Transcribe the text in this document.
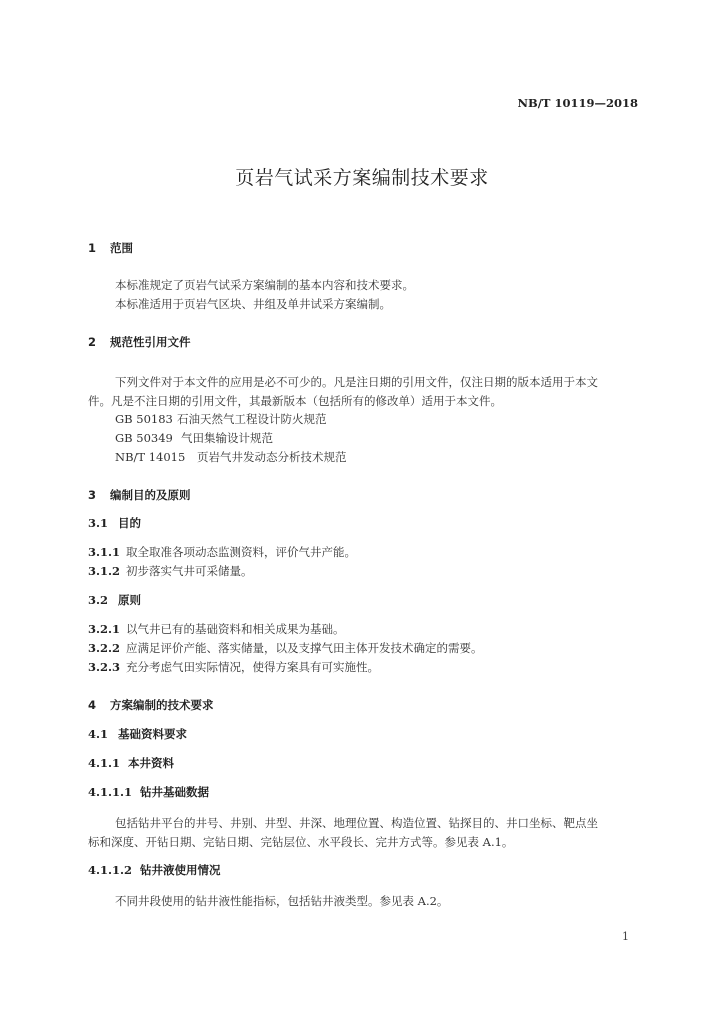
NB/T 10119—2018
页岩气试采方案编制技术要求
1 范围
本标准规定了页岩气试采方案编制的基本内容和技术要求。
本标准适用于页岩气区块、井组及单井试采方案编制。
2 规范性引用文件
下列文件对于本文件的应用是必不可少的。凡是注日期的引用文件，仅注日期的版本适用于本文
件。凡是不注日期的引用文件，其最新版本（包括所有的修改单）适用于本文件。
GB 50183 石油天然气工程设计防火规范
GB 50349 气田集输设计规范
NB/T 14015 页岩气井发动态分析技术规范
3 编制目的及原则
3.1 目的
3.1.1 取全取准各项动态监测资料，评价气井产能。
3.1.2 初步落实气井可采储量。
3.2 原则
3.2.1 以气井已有的基础资料和相关成果为基础。
3.2.2 应满足评价产能、落实储量，以及支撑气田主体开发技术确定的需要。
3.2.3 充分考虑气田实际情况，使得方案具有可实施性。
4 方案编制的技术要求
4.1 基础资料要求
4.1.1 本井资料
4.1.1.1 钻井基础数据
包括钻井平台的井号、井别、井型、井深、地理位置、构造位置、钻探目的、井口坐标、靶点坐
标和深度、开钻日期、完钻日期、完钻层位、水平段长、完井方式等。参见表 A.1。
4.1.1.2 钻井液使用情况
不同井段使用的钻井液性能指标，包括钻井液类型。参见表 A.2。
1
